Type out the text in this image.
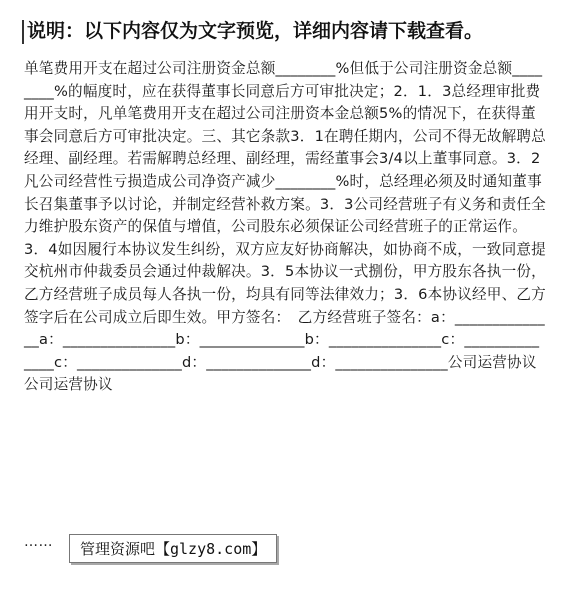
说明：以下内容仅为文字预览，详细内容请下载查看。
单笔费用开支在超过公司注册资金总额________%但低于公司注册资金总额________%的幅度时，应在获得董事长同意后方可审批决定；2．1．3总经理审批费用开支时，凡单笔费用开支在超过公司注册资本金总额5%的情况下，在获得董事会同意后方可审批决定。三、其它条款3．1在聘任期内，公司不得无故解聘总经理、副经理。若需解聘总经理、副经理，需经董事会3/4以上董事同意。3．2凡公司经营性亏损造成公司净资产减少________%时，总经理必须及时通知董事长召集董事予以讨论，并制定经营补救方案。3．3公司经营班子有义务和责任全力维护股东资产的保值与增值，公司股东必须保证公司经营班子的正常运作。3．4如因履行本协议发生纠纷，双方应友好协商解决，如协商不成，一致同意提交杭州市仲裁委员会通过仲裁解决。3．5本协议一式捌份，甲方股东各执一份，乙方经营班子成员每人各执一份，均具有同等法律效力；3．6本协议经甲、乙方签字后在公司成立后即生效。甲方签名：　乙方经营班子签名：a：______________a：_______________b：______________b：_______________c：______________c：______________d：______________d：_______________公司运营协议公司运营协议
……	管理资源吧【glzy8.com】
